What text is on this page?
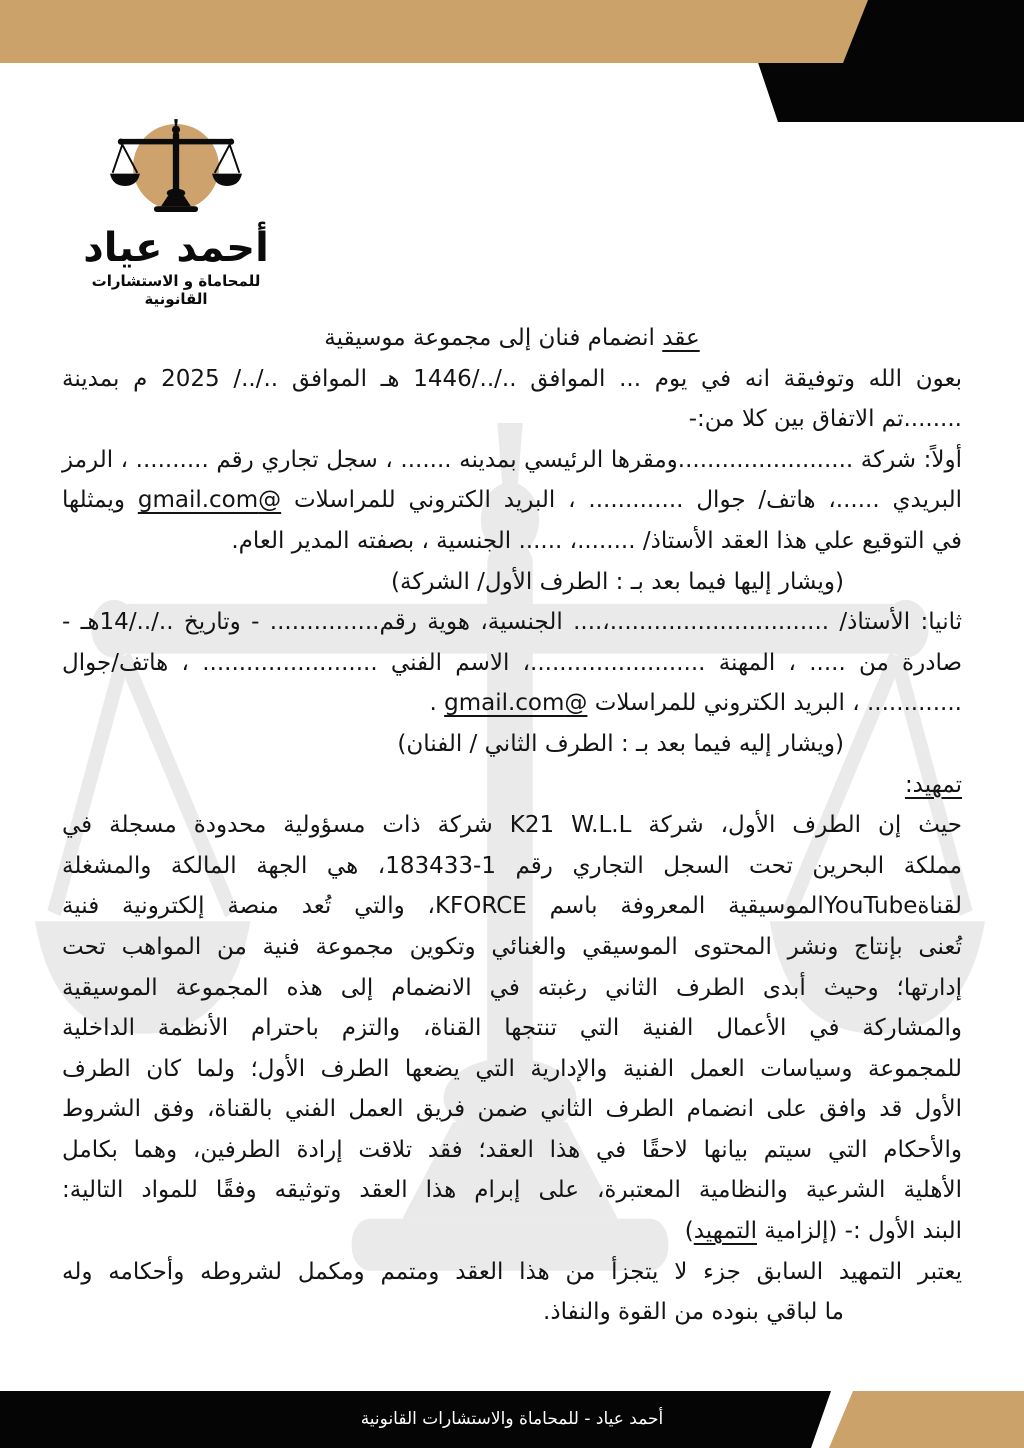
أحمد عياد
للمحاماة و الاستشارات القانونية
عقد انضمام فنان إلى مجموعة موسيقية
بعون الله وتوفيقة انه في يوم ... الموافق ../../1446 هـ الموافق ../../ 2025 م بمدينة
........تم الاتفاق بين كلا من:-
أولاً: شركة ........................ومقرها الرئيسي بمدينه ....... ، سجل تجاري رقم .......... ، الرمز
البريدي ......، هاتف/ جوال ............. ، البريد الكتروني للمراسلات @gmail.com ويمثلها
في التوقيع علي هذا العقد الأستاذ/ ........، ...... الجنسية ، بصفته المدير العام.
(ويشار إليها فيما بعد بـ : الطرف الأول/ الشركة)
ثانيا: الأستاذ/ ..............................،.... الجنسية، هوية رقم............... - وتاريخ ../../14هـ -
صادرة من ..... ، المهنة ........................، الاسم الفني ........................ ، هاتف/جوال
............. ، البريد الكتروني للمراسلات @gmail.com .
(ويشار إليه فيما بعد بـ : الطرف الثاني / الفنان)
تمهيد:
حيث إن الطرف الأول، شركة K21 W.L.L شركة ذات مسؤولية محدودة مسجلة في
مملكة البحرين تحت السجل التجاري رقم 1-183433، هي الجهة المالكة والمشغلة
لقناةYouTubeالموسيقية المعروفة باسم KFORCE، والتي تُعد منصة إلكترونية فنية
تُعنى بإنتاج ونشر المحتوى الموسيقي والغنائي وتكوين مجموعة فنية من المواهب تحت
إدارتها؛ وحيث أبدى الطرف الثاني رغبته في الانضمام إلى هذه المجموعة الموسيقية
والمشاركة في الأعمال الفنية التي تنتجها القناة، والتزم باحترام الأنظمة الداخلية
للمجموعة وسياسات العمل الفنية والإدارية التي يضعها الطرف الأول؛ ولما كان الطرف
الأول قد وافق على انضمام الطرف الثاني ضمن فريق العمل الفني بالقناة، وفق الشروط
والأحكام التي سيتم بيانها لاحقًا في هذا العقد؛ فقد تلاقت إرادة الطرفين، وهما بكامل
الأهلية الشرعية والنظامية المعتبرة، على إبرام هذا العقد وتوثيقه وفقًا للمواد التالية:
البند الأول :- (إلزامية التمهيد)
يعتبر التمهيد السابق جزء لا يتجزأ من هذا العقد ومتمم ومكمل لشروطه وأحكامه وله
ما لباقي بنوده من القوة والنفاذ.
أحمد عياد - للمحاماة والاستشارات القانونية
